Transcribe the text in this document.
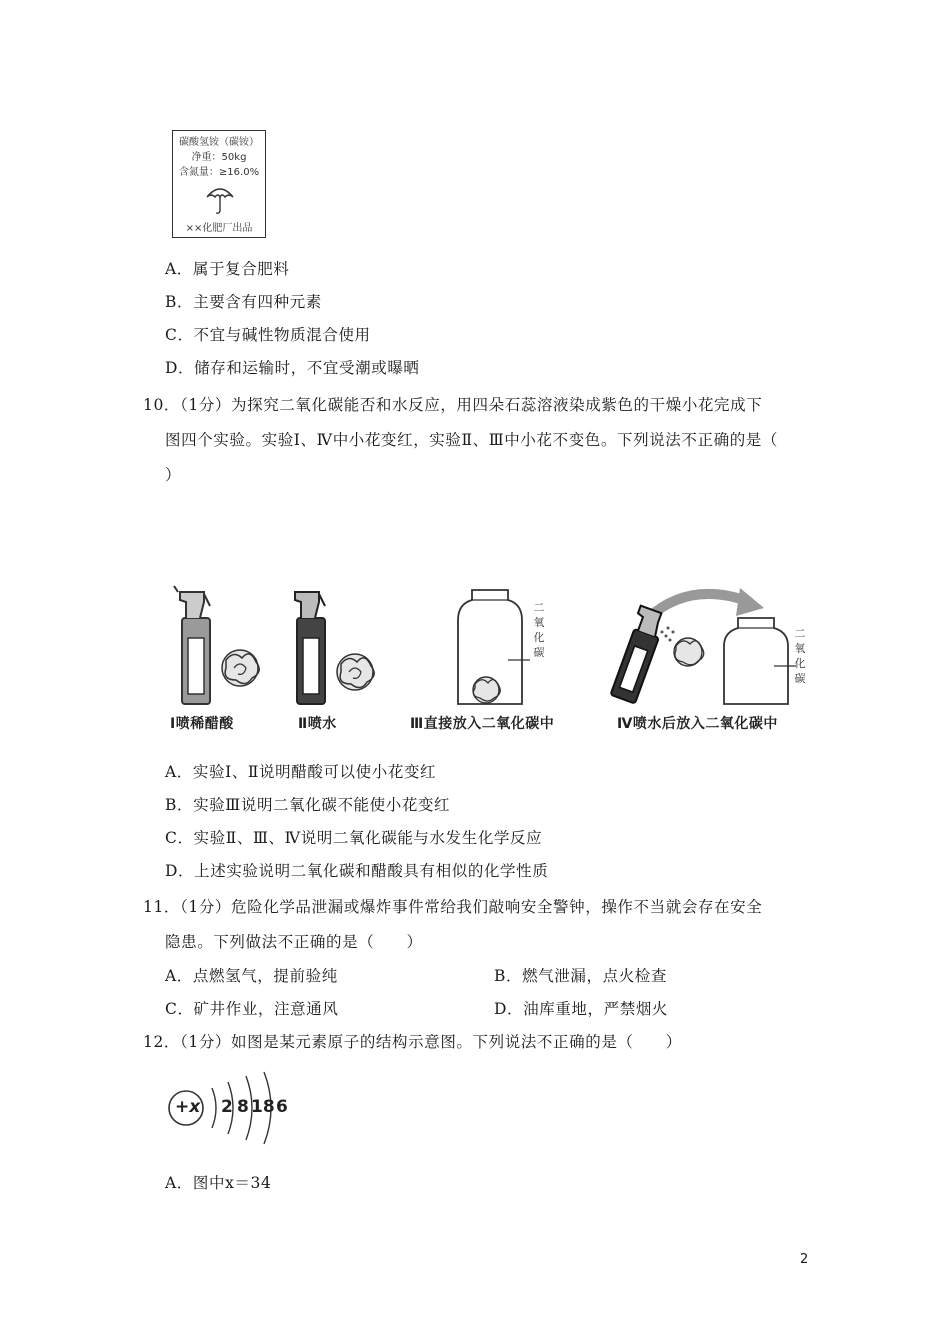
碳酸氢铵（碳铵）
净重：50kg
含氮量：≥16.0%
××化肥厂出品
A．属于复合肥料
B．主要含有四种元素
C．不宜与碱性物质混合使用
D．储存和运输时，不宜受潮或曝晒
10．（1分）为探究二氧化碳能否和水反应，用四朵石蕊溶液染成紫色的干燥小花完成下
图四个实验。实验Ⅰ、Ⅳ中小花变红，实验Ⅱ、Ⅲ中小花不变色。下列说法不正确的是（
）
二
氧
化
碳
二
氧
化
碳
Ⅰ喷稀醋酸	Ⅱ喷水	Ⅲ直接放入二氧化碳中	Ⅳ喷水后放入二氧化碳中
A．实验Ⅰ、Ⅱ说明醋酸可以使小花变红
B．实验Ⅲ说明二氧化碳不能使小花变红
C．实验Ⅱ、Ⅲ、Ⅳ说明二氧化碳能与水发生化学反应
D．上述实验说明二氧化碳和醋酸具有相似的化学性质
11．（1分）危险化学品泄漏或爆炸事件常给我们敲响安全警钟，操作不当就会存在安全
隐患。下列做法不正确的是（　　）
A．点燃氢气，提前验纯	B．燃气泄漏，点火检查
C．矿井作业，注意通风	D．油库重地，严禁烟火
12．（1分）如图是某元素原子的结构示意图。下列说法不正确的是（　　）
+x 2 8 18 6
A．图中x＝34
2
